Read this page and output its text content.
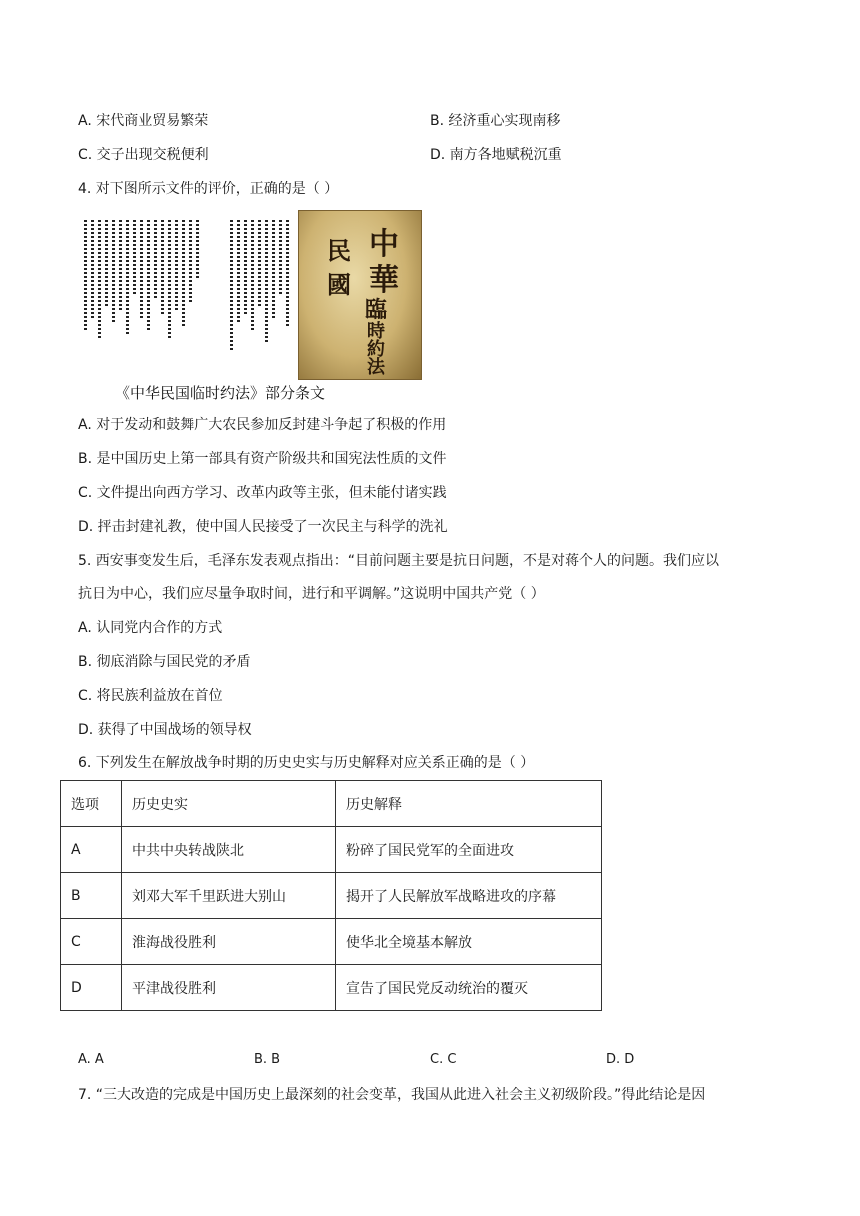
A. 宋代商业贸易繁荣	B. 经济重心实现南移
C. 交子出现交税便利	D. 南方各地赋税沉重
4. 对下图所示文件的评价，正确的是（ ）
中
華
民
國
臨
時
約
法
《中华民国临时约法》部分条文
A. 对于发动和鼓舞广大农民参加反封建斗争起了积极的作用
B. 是中国历史上第一部具有资产阶级共和国宪法性质的文件
C. 文件提出向西方学习、改革内政等主张，但未能付诸实践
D. 抨击封建礼教，使中国人民接受了一次民主与科学的洗礼
5. 西安事变发生后，毛泽东发表观点指出：“目前问题主要是抗日问题，不是对蒋个人的问题。我们应以
抗日为中心，我们应尽量争取时间，进行和平调解。”这说明中国共产党（ ）
A. 认同党内合作的方式
B. 彻底消除与国民党的矛盾
C. 将民族利益放在首位
D. 获得了中国战场的领导权
6. 下列发生在解放战争时期的历史史实与历史解释对应关系正确的是（ ）
选项	历史史实	历史解释
A	中共中央转战陕北	粉碎了国民党军的全面进攻
B	刘邓大军千里跃进大别山	揭开了人民解放军战略进攻的序幕
C	淮海战役胜利	使华北全境基本解放
D	平津战役胜利	宣告了国民党反动统治的覆灭
A. A	B. B	C. C	D. D
7. “三大改造的完成是中国历史上最深刻的社会变革，我国从此进入社会主义初级阶段。”得此结论是因
